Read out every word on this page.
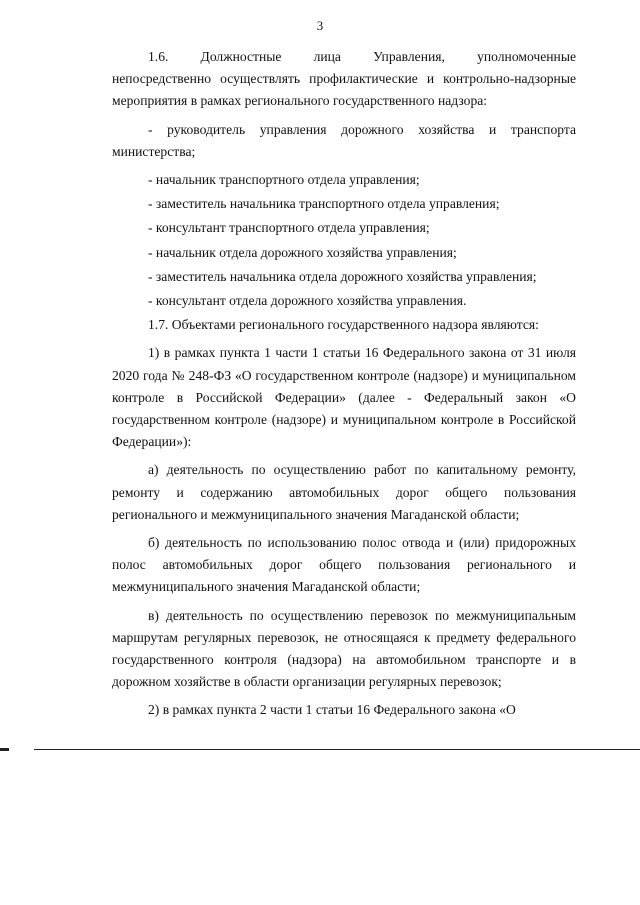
3

1.6.    Должностные    лица    Управления,    уполномоченные непосредственно осуществлять профилактические и контрольно-надзорные мероприятия в рамках регионального государственного надзора:

- руководитель управления дорожного хозяйства и транспорта министерства;

- начальник транспортного отдела управления;

- заместитель начальника транспортного отдела управления;

- консультант транспортного отдела управления;

- начальник отдела дорожного хозяйства управления;

- заместитель начальника отдела дорожного хозяйства управления;

- консультант отдела дорожного хозяйства управления.

1.7. Объектами регионального государственного надзора являются:

1) в рамках пункта 1 части 1 статьи 16 Федерального закона от 31 июля 2020 года № 248-ФЗ «О государственном контроле (надзоре) и муниципальном контроле в Российской Федерации» (далее - Федеральный закон «О государственном контроле (надзоре) и муниципальном контроле в Российской Федерации»):

а) деятельность по осуществлению работ по капитальному ремонту, ремонту и содержанию автомобильных дорог общего пользования регионального и межмуниципального значения Магаданской области;

б) деятельность по использованию полос отвода и (или) придорожных полос автомобильных дорог общего пользования регионального и межмуниципального значения Магаданской области;

в) деятельность по осуществлению перевозок по межмуниципальным маршрутам регулярных перевозок, не относящаяся к предмету федерального государственного контроля (надзора) на автомобильном транспорте и в дорожном хозяйстве в области организации регулярных перевозок;

2) в рамках пункта 2 части 1 статьи 16 Федерального закона «О
